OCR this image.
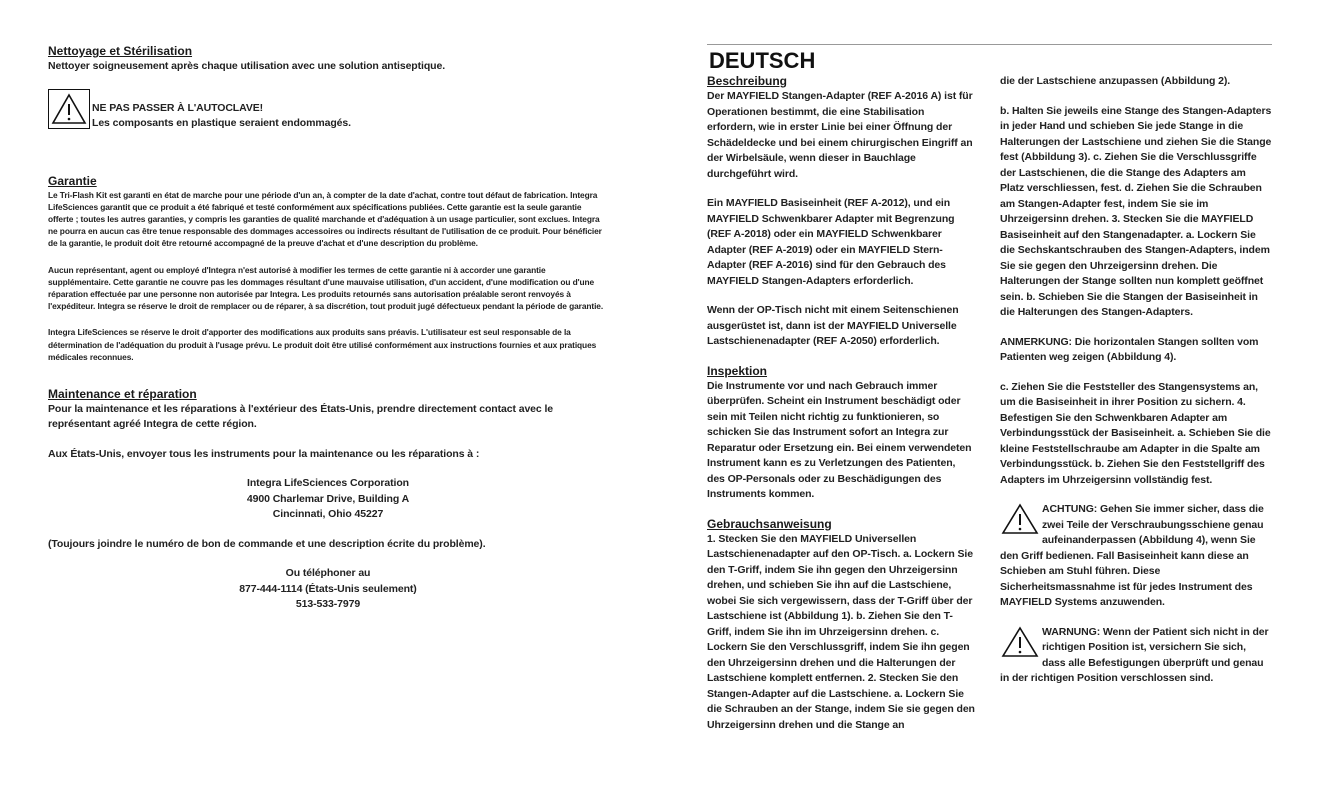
Nettoyage et Stérilisation

Nettoyer soigneusement après chaque utilisation avec une solution antiseptique.

NE PAS PASSER À L'AUTOCLAVE!

Les composants en plastique seraient endommagés.

Garantie

Le Tri-Flash Kit est garanti en état de marche pour une période d'un an, à compter de la date d'achat, contre tout défaut de fabrication. Integra LifeSciences garantit que ce produit a été fabriqué et testé conformément aux spécifications publiées. Cette garantie est la seule garantie offerte ; toutes les autres garanties, y compris les garanties de qualité marchande et d'adéquation à un usage particulier, sont exclues. Integra ne pourra en aucun cas être tenue responsable des dommages accessoires ou indirects résultant de l'utilisation de ce produit. Pour bénéficier de la garantie, le produit doit être retourné accompagné de la preuve d'achat et d'une description du problème.

Aucun représentant, agent ou employé d'Integra n'est autorisé à modifier les termes de cette garantie ni à accorder une garantie supplémentaire. Cette garantie ne couvre pas les dommages résultant d'une mauvaise utilisation, d'un accident, d'une modification ou d'une réparation effectuée par une personne non autorisée par Integra. Les produits retournés sans autorisation préalable seront renvoyés à l'expéditeur. Integra se réserve le droit de remplacer ou de réparer, à sa discrétion, tout produit jugé défectueux pendant la période de garantie.

Integra LifeSciences se réserve le droit d'apporter des modifications aux produits sans préavis. L'utilisateur est seul responsable de la détermination de l'adéquation du produit à l'usage prévu. Le produit doit être utilisé conformément aux instructions fournies et aux pratiques médicales reconnues.

Maintenance et réparation

Pour la maintenance et les réparations à l'extérieur des États-Unis, prendre directement contact avec le représentant agréé Integra de cette région.

Aux États-Unis, envoyer tous les instruments pour la maintenance ou les réparations à :

Integra LifeSciences Corporation

4900 Charlemar Drive, Building A

Cincinnati, Ohio 45227

(Toujours joindre le numéro de bon de commande et une description écrite du problème).

Ou téléphoner au

877-444-1114 (États-Unis seulement)

513-533-7979

DEUTSCH
Beschreibung

Der MAYFIELD Stangen-Adapter (REF A-2016 A) ist für Operationen bestimmt, die eine Stabilisation erfordern, wie in erster Linie bei einer Öffnung der Schädeldecke und bei einem chirurgischen Eingriff an der Wirbelsäule, wenn dieser in Bauchlage durchgeführt wird.

Ein MAYFIELD Basiseinheit (REF A-2012), und ein MAYFIELD Schwenkbarer Adapter mit Begrenzung (REF A-2018) oder ein MAYFIELD Schwenkbarer Adapter (REF A-2019) oder ein MAYFIELD Stern-Adapter (REF A-2016) sind für den Gebrauch des MAYFIELD Stangen-Adapters erforderlich.

Wenn der OP-Tisch nicht mit einem Seitenschienen ausgerüstet ist, dann ist der MAYFIELD Universelle Lastschienenadapter (REF A-2050) erforderlich.

Inspektion

Die Instrumente vor und nach Gebrauch immer überprüfen. Scheint ein Instrument beschädigt oder sein mit Teilen nicht richtig zu funktionieren, so schicken Sie das Instrument sofort an Integra zur Reparatur oder Ersetzung ein. Bei einem verwendeten Instrument kann es zu Verletzungen des Patienten, des OP-Personals oder zu Beschädigungen des Instruments kommen.

Gebrauchsanweisung

1. Stecken Sie den MAYFIELD Universellen Lastschienenadapter auf den OP-Tisch. a. Lockern Sie den T-Griff, indem Sie ihn gegen den Uhrzeigersinn drehen, und schieben Sie ihn auf die Lastschiene, wobei Sie sich vergewissern, dass der T-Griff über der Lastschiene ist (Abbildung 1). b. Ziehen Sie den T-Griff, indem Sie ihn im Uhrzeigersinn drehen. c. Lockern Sie den Verschlussgriff, indem Sie ihn gegen den Uhrzeigersinn drehen und die Halterungen der Lastschiene komplett entfernen. 2. Stecken Sie den Stangen-Adapter auf die Lastschiene. a. Lockern Sie die Schrauben an der Stange, indem Sie sie gegen den Uhrzeigersinn drehen und die Stange an

die der Lastschiene anzupassen (Abbildung 2).

b. Halten Sie jeweils eine Stange des Stangen-Adapters in jeder Hand und schieben Sie jede Stange in die Halterungen der Lastschiene und ziehen Sie die Stange fest (Abbildung 3). c. Ziehen Sie die Verschlussgriffe der Lastschienen, die die Stange des Adapters am Platz verschliessen, fest. d. Ziehen Sie die Schrauben am Stangen-Adapter fest, indem Sie sie im Uhrzeigersinn drehen. 3. Stecken Sie die MAYFIELD Basiseinheit auf den Stangenadapter. a. Lockern Sie die Sechskantschrauben des Stangen-Adapters, indem Sie sie gegen den Uhrzeigersinn drehen. Die Halterungen der Stange sollten nun komplett geöffnet sein. b. Schieben Sie die Stangen der Basiseinheit in die Halterungen des Stangen-Adapters.

ANMERKUNG: Die horizontalen Stangen sollten vom Patienten weg zeigen (Abbildung 4).

c. Ziehen Sie die Feststeller des Stangensystems an, um die Basiseinheit in ihrer Position zu sichern. 4. Befestigen Sie den Schwenkbaren Adapter am Verbindungsstück der Basiseinheit. a. Schieben Sie die kleine Feststellschraube am Adapter in die Spalte am Verbindungsstück. b. Ziehen Sie den Feststellgriff des Adapters im Uhrzeigersinn vollständig fest.

ACHTUNG: Gehen Sie immer sicher, dass die zwei Teile der Verschraubungsschiene genau aufeinanderpassen (Abbildung 4), wenn Sie den Griff bedienen. Fall Basiseinheit kann diese an Schieben am Stuhl führen. Diese Sicherheitsmassnahme ist für jedes Instrument des MAYFIELD Systems anzuwenden.

WARNUNG: Wenn der Patient sich nicht in der richtigen Position ist, versichern Sie sich, dass alle Befestigungen überprüft und genau in der richtigen Position verschlossen sind.
